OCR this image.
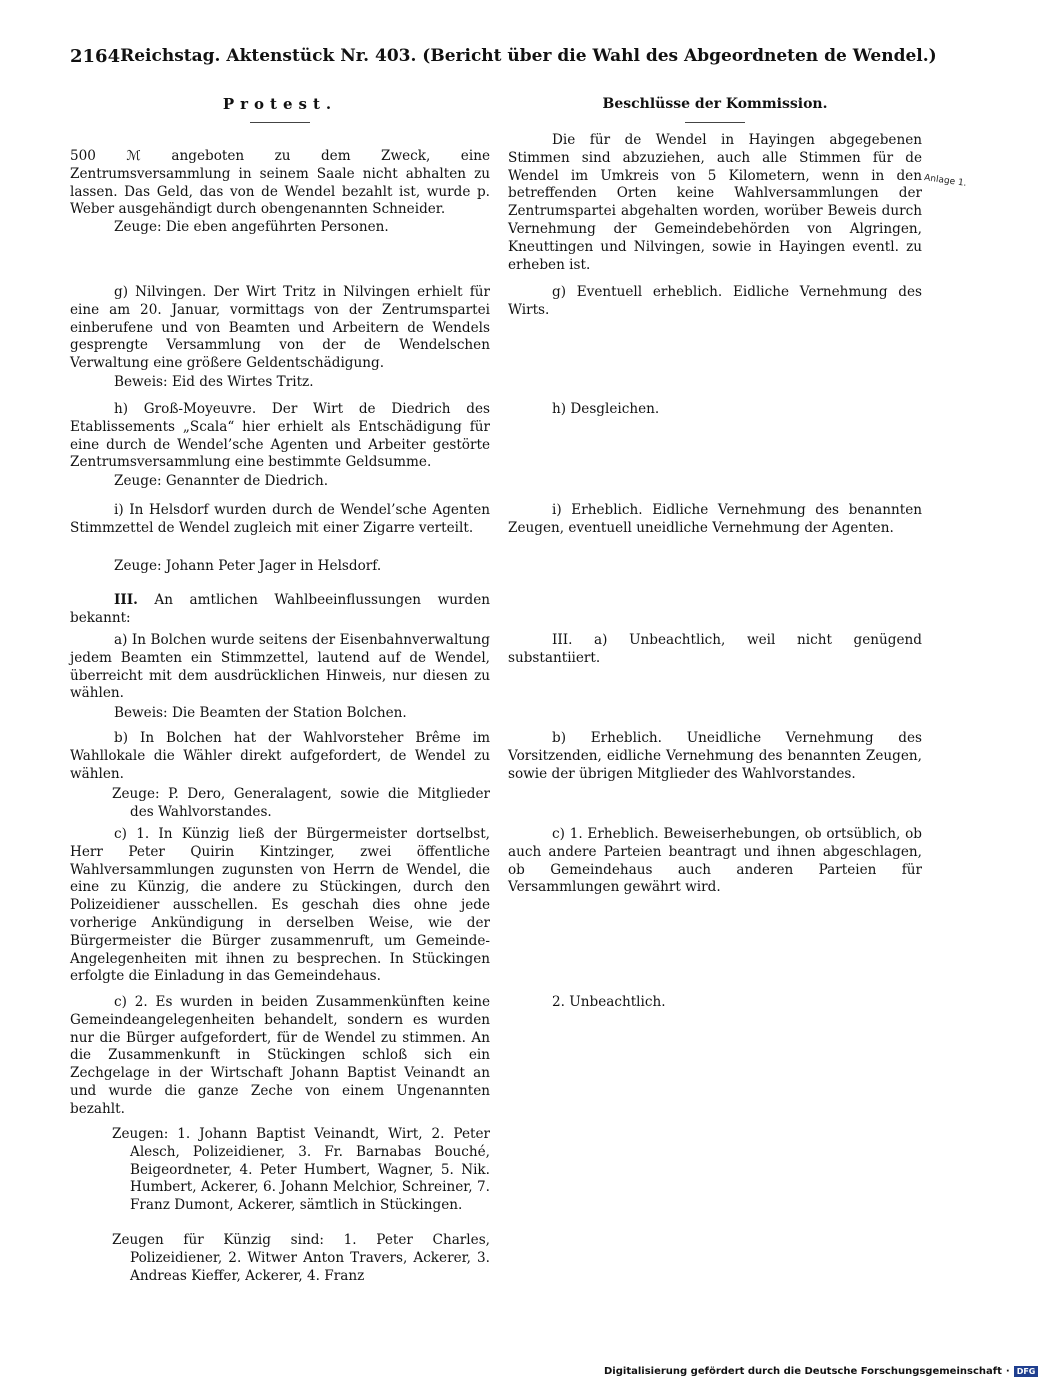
2164 Reichstag. Aktenstück Nr. 403. (Bericht über die Wahl des Abgeordneten de Wendel.)
Protest.
500 ℳ angeboten zu dem Zweck, eine Zentrumsversammlung in seinem Saale nicht abhalten zu lassen. Das Geld, das von de Wendel bezahlt ist, wurde p. Weber ausgehändigt durch obengenannten Schneider.
Zeuge: Die eben angeführten Personen.
g) Nilvingen. Der Wirt Tritz in Nilvingen erhielt für eine am 20. Januar, vormittags von der Zentrumspartei einberufene und von Beamten und Arbeitern de Wendels gesprengte Versammlung von der de Wendelschen Verwaltung eine größere Geldentschädigung.
Beweis: Eid des Wirtes Tritz.
h) Groß-Moyeuvre. Der Wirt de Diedrich des Etablissements „Scala“ hier erhielt als Entschädigung für eine durch de Wendel’sche Agenten und Arbeiter gestörte Zentrumsversammlung eine bestimmte Geldsumme.
Zeuge: Genannter de Diedrich.
i) In Helsdorf wurden durch de Wendel’sche Agenten Stimmzettel de Wendel zugleich mit einer Zigarre verteilt.
Zeuge: Johann Peter Jager in Helsdorf.
III. An amtlichen Wahlbeeinflussungen wurden bekannt:
a) In Bolchen wurde seitens der Eisenbahnverwaltung jedem Beamten ein Stimmzettel, lautend auf de Wendel, überreicht mit dem ausdrücklichen Hinweis, nur diesen zu wählen.
Beweis: Die Beamten der Station Bolchen.
b) In Bolchen hat der Wahlvorsteher Brême im Wahllokale die Wähler direkt aufgefordert, de Wendel zu wählen.
Zeuge: P. Dero, Generalagent, sowie die Mitglieder des Wahlvorstandes.
c) 1. In Künzig ließ der Bürgermeister dortselbst, Herr Peter Quirin Kintzinger, zwei öffentliche Wahlversammlungen zugunsten von Herrn de Wendel, die eine zu Künzig, die andere zu Stückingen, durch den Polizeidiener ausschellen. Es geschah dies ohne jede vorherige Ankündigung in derselben Weise, wie der Bürgermeister die Bürger zusammenruft, um Gemeinde-Angelegenheiten mit ihnen zu besprechen. In Stückingen erfolgte die Einladung in das Gemeindehaus.
c) 2. Es wurden in beiden Zusammenkünften keine Gemeindeangelegenheiten behandelt, sondern es wurden nur die Bürger aufgefordert, für de Wendel zu stimmen. An die Zusammenkunft in Stückingen schloß sich ein Zechgelage in der Wirtschaft Johann Baptist Veinandt an und wurde die ganze Zeche von einem Ungenannten bezahlt.
Zeugen: 1. Johann Baptist Veinandt, Wirt, 2. Peter Alesch, Polizeidiener, 3. Fr. Barnabas Bouché, Beigeordneter, 4. Peter Humbert, Wagner, 5. Nik. Humbert, Ackerer, 6. Johann Melchior, Schreiner, 7. Franz Dumont, Ackerer, sämtlich in Stückingen.
Zeugen für Künzig sind: 1. Peter Charles, Polizeidiener, 2. Witwer Anton Travers, Ackerer, 3. Andreas Kieffer, Ackerer, 4. Franz
Beschlüsse der Kommission.
Die für de Wendel in Hayingen abgegebenen Stimmen sind abzuziehen, auch alle Stimmen für de Wendel im Umkreis von 5 Kilometern, wenn in den betreffenden Orten keine Wahlversammlungen der Zentrumspartei abgehalten worden, worüber Beweis durch Vernehmung der Gemeindebehörden von Algringen, Kneuttingen und Nilvingen, sowie in Hayingen eventl. zu erheben ist.
g) Eventuell erheblich. Eidliche Vernehmung des Wirts.
h) Desgleichen.
i) Erheblich. Eidliche Vernehmung des benannten Zeugen, eventuell uneidliche Vernehmung der Agenten.
III. a) Unbeachtlich, weil nicht genügend substantiiert.
b) Erheblich. Uneidliche Vernehmung des Vorsitzenden, eidliche Vernehmung des benannten Zeugen, sowie der übrigen Mitglieder des Wahlvorstandes.
c) 1. Erheblich. Beweiserhebungen, ob ortsüblich, ob auch andere Parteien beantragt und ihnen abgeschlagen, ob Gemeindehaus auch anderen Parteien für Versammlungen gewährt wird.
2. Unbeachtlich.
Anlage 1.
Digitalisierung gefördert durch die Deutsche Forschungsgemeinschaft · DFG
